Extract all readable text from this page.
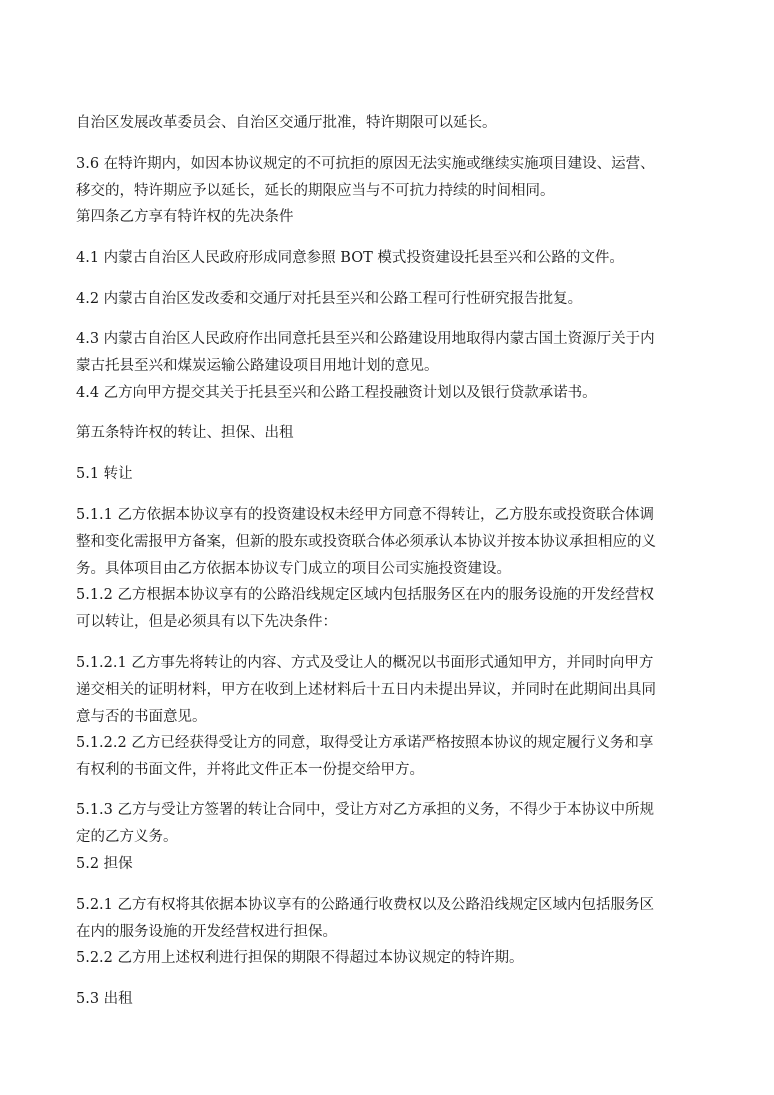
自治区发展改革委员会、自治区交通厅批准，特许期限可以延长。

3.6 在特许期内，如因本协议规定的不可抗拒的原因无法实施或继续实施项目建设、运营、
移交的，特许期应予以延长，延长的期限应当与不可抗力持续的时间相同。

第四条乙方享有特许权的先决条件

4.1 内蒙古自治区人民政府形成同意参照 BOT 模式投资建设托县至兴和公路的文件。

4.2 内蒙古自治区发改委和交通厅对托县至兴和公路工程可行性研究报告批复。

4.3 内蒙古自治区人民政府作出同意托县至兴和公路建设用地取得内蒙古国土资源厅关于内
蒙古托县至兴和煤炭运输公路建设项目用地计划的意见。

4.4 乙方向甲方提交其关于托县至兴和公路工程投融资计划以及银行贷款承诺书。

第五条特许权的转让、担保、出租

5.1 转让

5.1.1 乙方依据本协议享有的投资建设权未经甲方同意不得转让，乙方股东或投资联合体调
整和变化需报甲方备案，但新的股东或投资联合体必须承认本协议并按本协议承担相应的义
务。具体项目由乙方依据本协议专门成立的项目公司实施投资建设。

5.1.2 乙方根据本协议享有的公路沿线规定区域内包括服务区在内的服务设施的开发经营权
可以转让，但是必须具有以下先决条件：

5.1.2.1 乙方事先将转让的内容、方式及受让人的概况以书面形式通知甲方，并同时向甲方
递交相关的证明材料，甲方在收到上述材料后十五日内未提出异议，并同时在此期间出具同
意与否的书面意见。

5.1.2.2 乙方已经获得受让方的同意，取得受让方承诺严格按照本协议的规定履行义务和享
有权利的书面文件，并将此文件正本一份提交给甲方。

5.1.3 乙方与受让方签署的转让合同中，受让方对乙方承担的义务，不得少于本协议中所规
定的乙方义务。

5.2 担保

5.2.1 乙方有权将其依据本协议享有的公路通行收费权以及公路沿线规定区域内包括服务区
在内的服务设施的开发经营权进行担保。

5.2.2 乙方用上述权利进行担保的期限不得超过本协议规定的特许期。

5.3 出租
